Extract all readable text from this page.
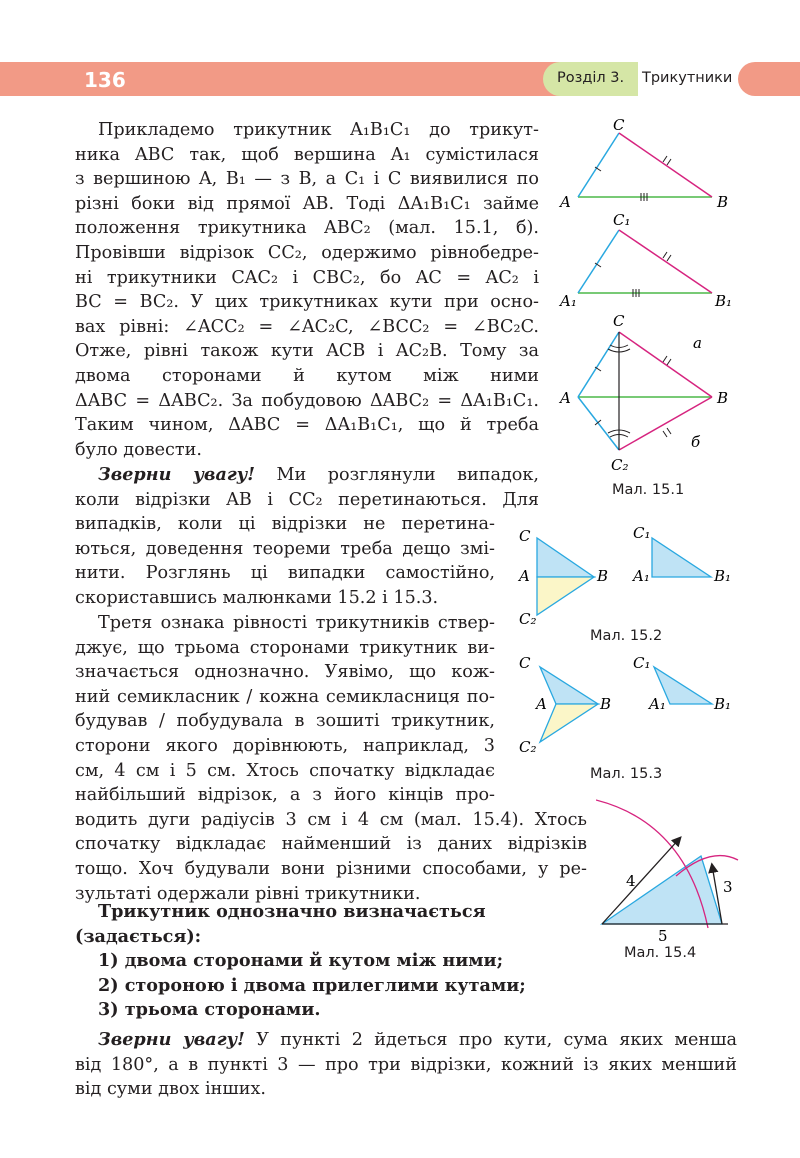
136	Розділ 3. Трикутники
Прикладемо трикутник A₁B₁C₁ до трикут-
ника ABC так, щоб вершина A₁ сумістилася
з вершиною A, B₁ — з B, а C₁ і C виявилися по
різні боки від прямої AB. Тоді ΔA₁B₁C₁ займе
положення трикутника ABC₂ (мал. 15.1, б).
Провівши відрізок CC₂, одержимо рівнобедре-
ні трикутники CAC₂ і CBC₂, бо AC = AC₂ і
BC = BC₂. У цих трикутниках кути при осно-
вах рівні: ∠ACC₂ = ∠AC₂C, ∠BCC₂ = ∠BC₂C.
Отже, рівні також кути ACB і AC₂B. Тому за
двома сторонами й кутом між ними
ΔABC = ΔABC₂. За побудовою ΔABC₂ = ΔA₁B₁C₁.
Таким чином, ΔABC = ΔA₁B₁C₁, що й треба
було довести.
Зверни увагу! Ми розглянули випадок,
коли відрізки AB і CC₂ перетинаються. Для
випадків, коли ці відрізки не перетина-
ються, доведення теореми треба дещо змі-
нити. Розглянь ці випадки самостійно,
скориставшись малюнками 15.2 і 15.3.
Третя ознака рівності трикутників ствер-
джує, що трьома сторонами трикутник ви-
значається однозначно. Уявімо, що кож-
ний семикласник / кожна семикласниця по-
будував / побудувала в зошиті трикутник,
сторони якого дорівнюють, наприклад, 3
см, 4 см і 5 см. Хтось спочатку відкладає
найбільший відрізок, а з його кінців про-
водить дуги радіусів 3 см і 4 см (мал. 15.4). Хтось
спочатку відкладає найменший із даних відрізків
тощо. Хоч будували вони різними способами, у ре-
зультаті одержали рівні трикутники.
Трикутник однозначно визначається
(задається):
1) двома сторонами й кутом між ними;
2) стороною і двома прилеглими кутами;
3) трьома сторонами.
Зверни увагу! У пункті 2 йдеться про кути, сума яких менша
від 180°, а в пункті 3 — про три відрізки, кожний із яких менший
від суми двох інших.
C
A	B
C₁
A₁	B₁
C
A	B
C₂
а
б
Мал. 15.1
C
A	B
C₂
C₁
A₁	B₁
Мал. 15.2
C
A	B
C₂
C₁
A₁	B₁
Мал. 15.3
4	3
5
Мал. 15.4
